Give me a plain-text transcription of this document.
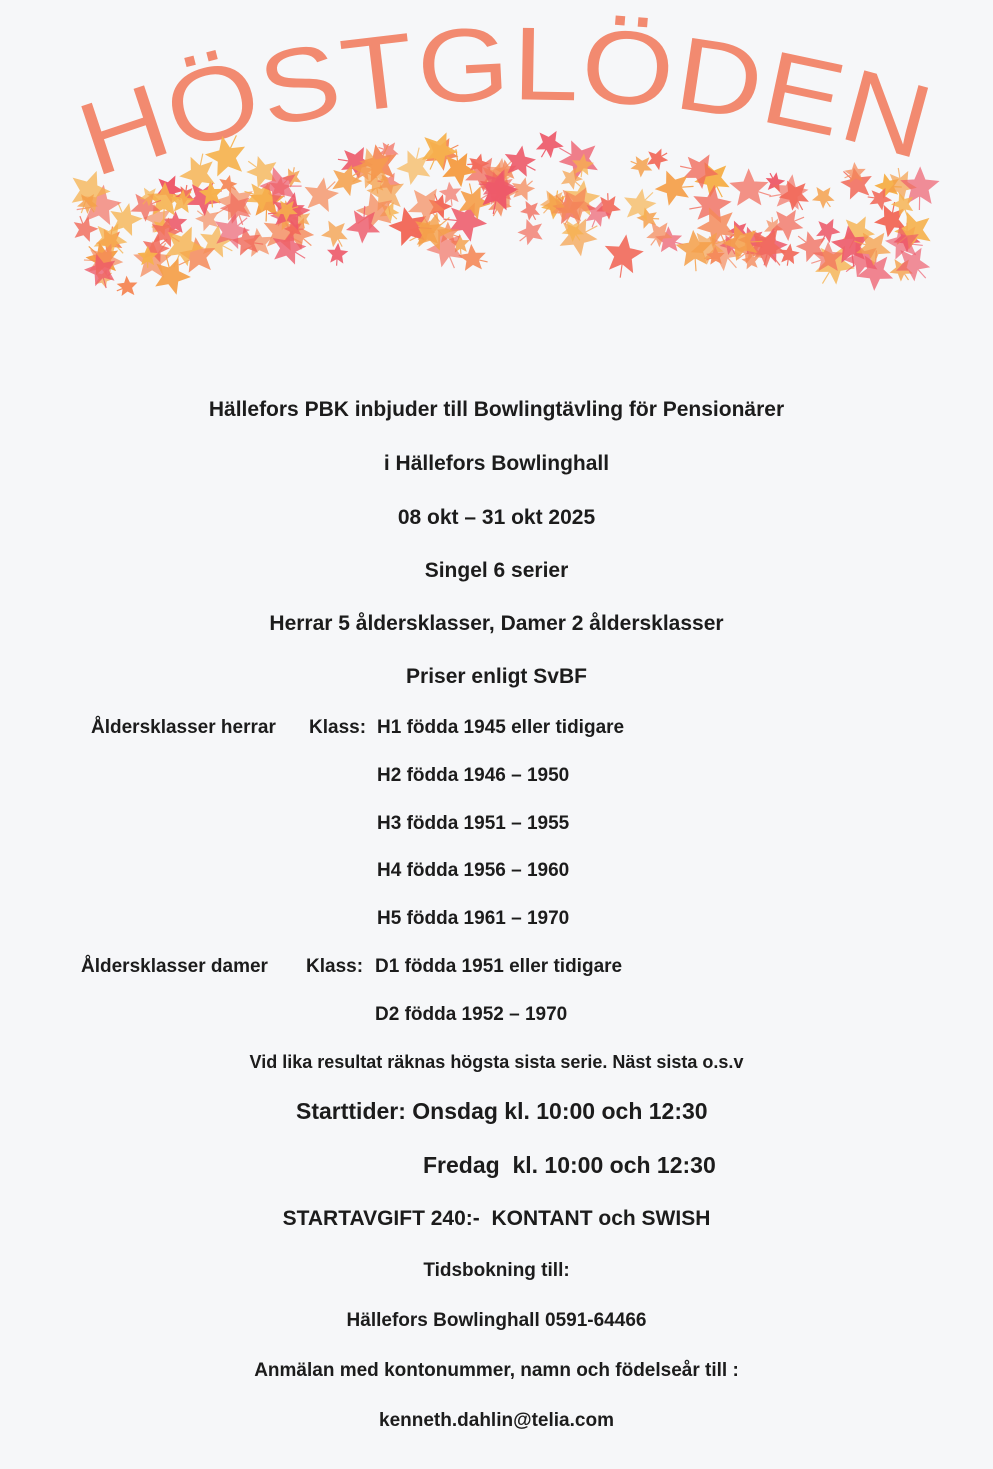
HÖSTGLÖDEN
Hällefors PBK inbjuder till Bowlingtävling för Pensionärer
i Hällefors Bowlinghall
08 okt – 31 okt 2025
Singel 6 serier
Herrar 5 åldersklasser, Damer 2 åldersklasser
Priser enligt SvBF
Åldersklasser herrar Klass: H1 födda 1945 eller tidigare
H2 födda 1946 – 1950
H3 födda 1951 – 1955
H4 födda 1956 – 1960
H5 födda 1961 – 1970
Åldersklasser damer Klass: D1 födda 1951 eller tidigare
D2 födda 1952 – 1970
Vid lika resultat räknas högsta sista serie. Näst sista o.s.v
Starttider: Onsdag kl. 10:00 och 12:30
Fredag  kl. 10:00 och 12:30
STARTAVGIFT 240:-  KONTANT och SWISH
Tidsbokning till:
Hällefors Bowlinghall 0591-64466
Anmälan med kontonummer, namn och födelseår till :
kenneth.dahlin@telia.com
